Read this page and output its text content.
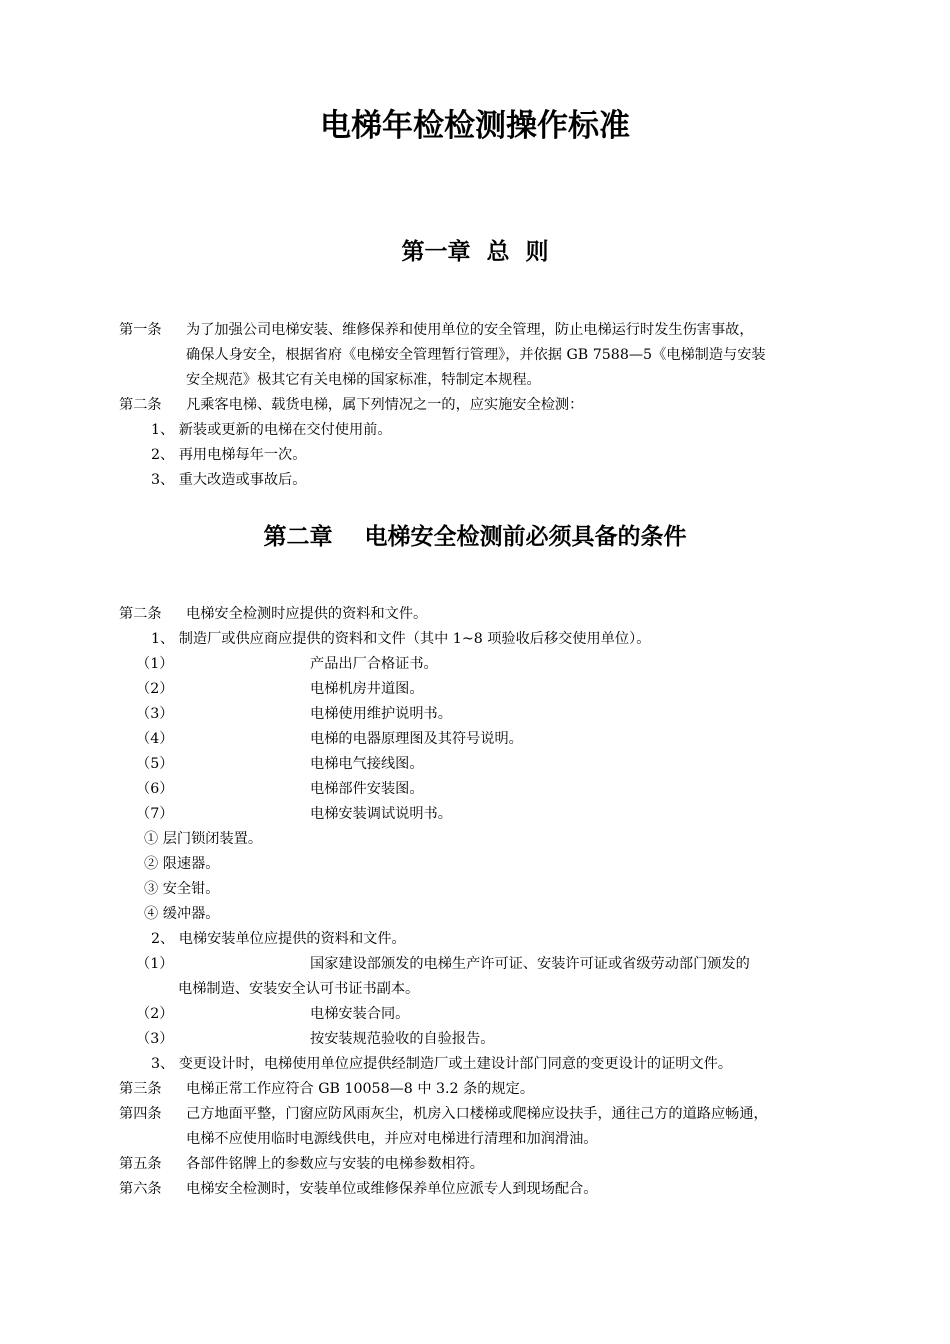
电梯年检检测操作标准
第一章  总  则
第一条 为了加强公司电梯安装、维修保养和使用单位的安全管理，防止电梯运行时发生伤害事故，
确保人身安全，根据省府《电梯安全管理暂行管理》，并依据 GB 7588—5《电梯制造与安装
安全规范》极其它有关电梯的国家标准，特制定本规程。
第二条 凡乘客电梯、载货电梯，属下列情况之一的，应实施安全检测：
1、 新装或更新的电梯在交付使用前。
2、 再用电梯每年一次。
3、 重大改造或事故后。
第二章    电梯安全检测前必须具备的条件
第二条 电梯安全检测时应提供的资料和文件。
1、 制造厂或供应商应提供的资料和文件（其中 1~8 项验收后移交使用单位）。
（1）	产品出厂合格证书。
（2）	电梯机房井道图。
（3）	电梯使用维护说明书。
（4）	电梯的电器原理图及其符号说明。
（5）	电梯电气接线图。
（6）	电梯部件安装图。
（7）	电梯安装调试说明书。
① 层门锁闭装置。
② 限速器。
③ 安全钳。
④ 缓冲器。
2、 电梯安装单位应提供的资料和文件。
（1）	国家建设部颁发的电梯生产许可证、安装许可证或省级劳动部门颁发的
电梯制造、安装安全认可书证书副本。
（2）	电梯安装合同。
（3）	按安装规范验收的自验报告。
3、 变更设计时，电梯使用单位应提供经制造厂或土建设计部门同意的变更设计的证明文件。
第三条 电梯正常工作应符合 GB 10058—8 中 3.2 条的规定。
第四条 己方地面平整，门窗应防风雨灰尘，机房入口楼梯或爬梯应设扶手，通往己方的道路应畅通，
电梯不应使用临时电源线供电，并应对电梯进行清理和加润滑油。
第五条 各部件铭牌上的参数应与安装的电梯参数相符。
第六条 电梯安全检测时，安装单位或维修保养单位应派专人到现场配合。
